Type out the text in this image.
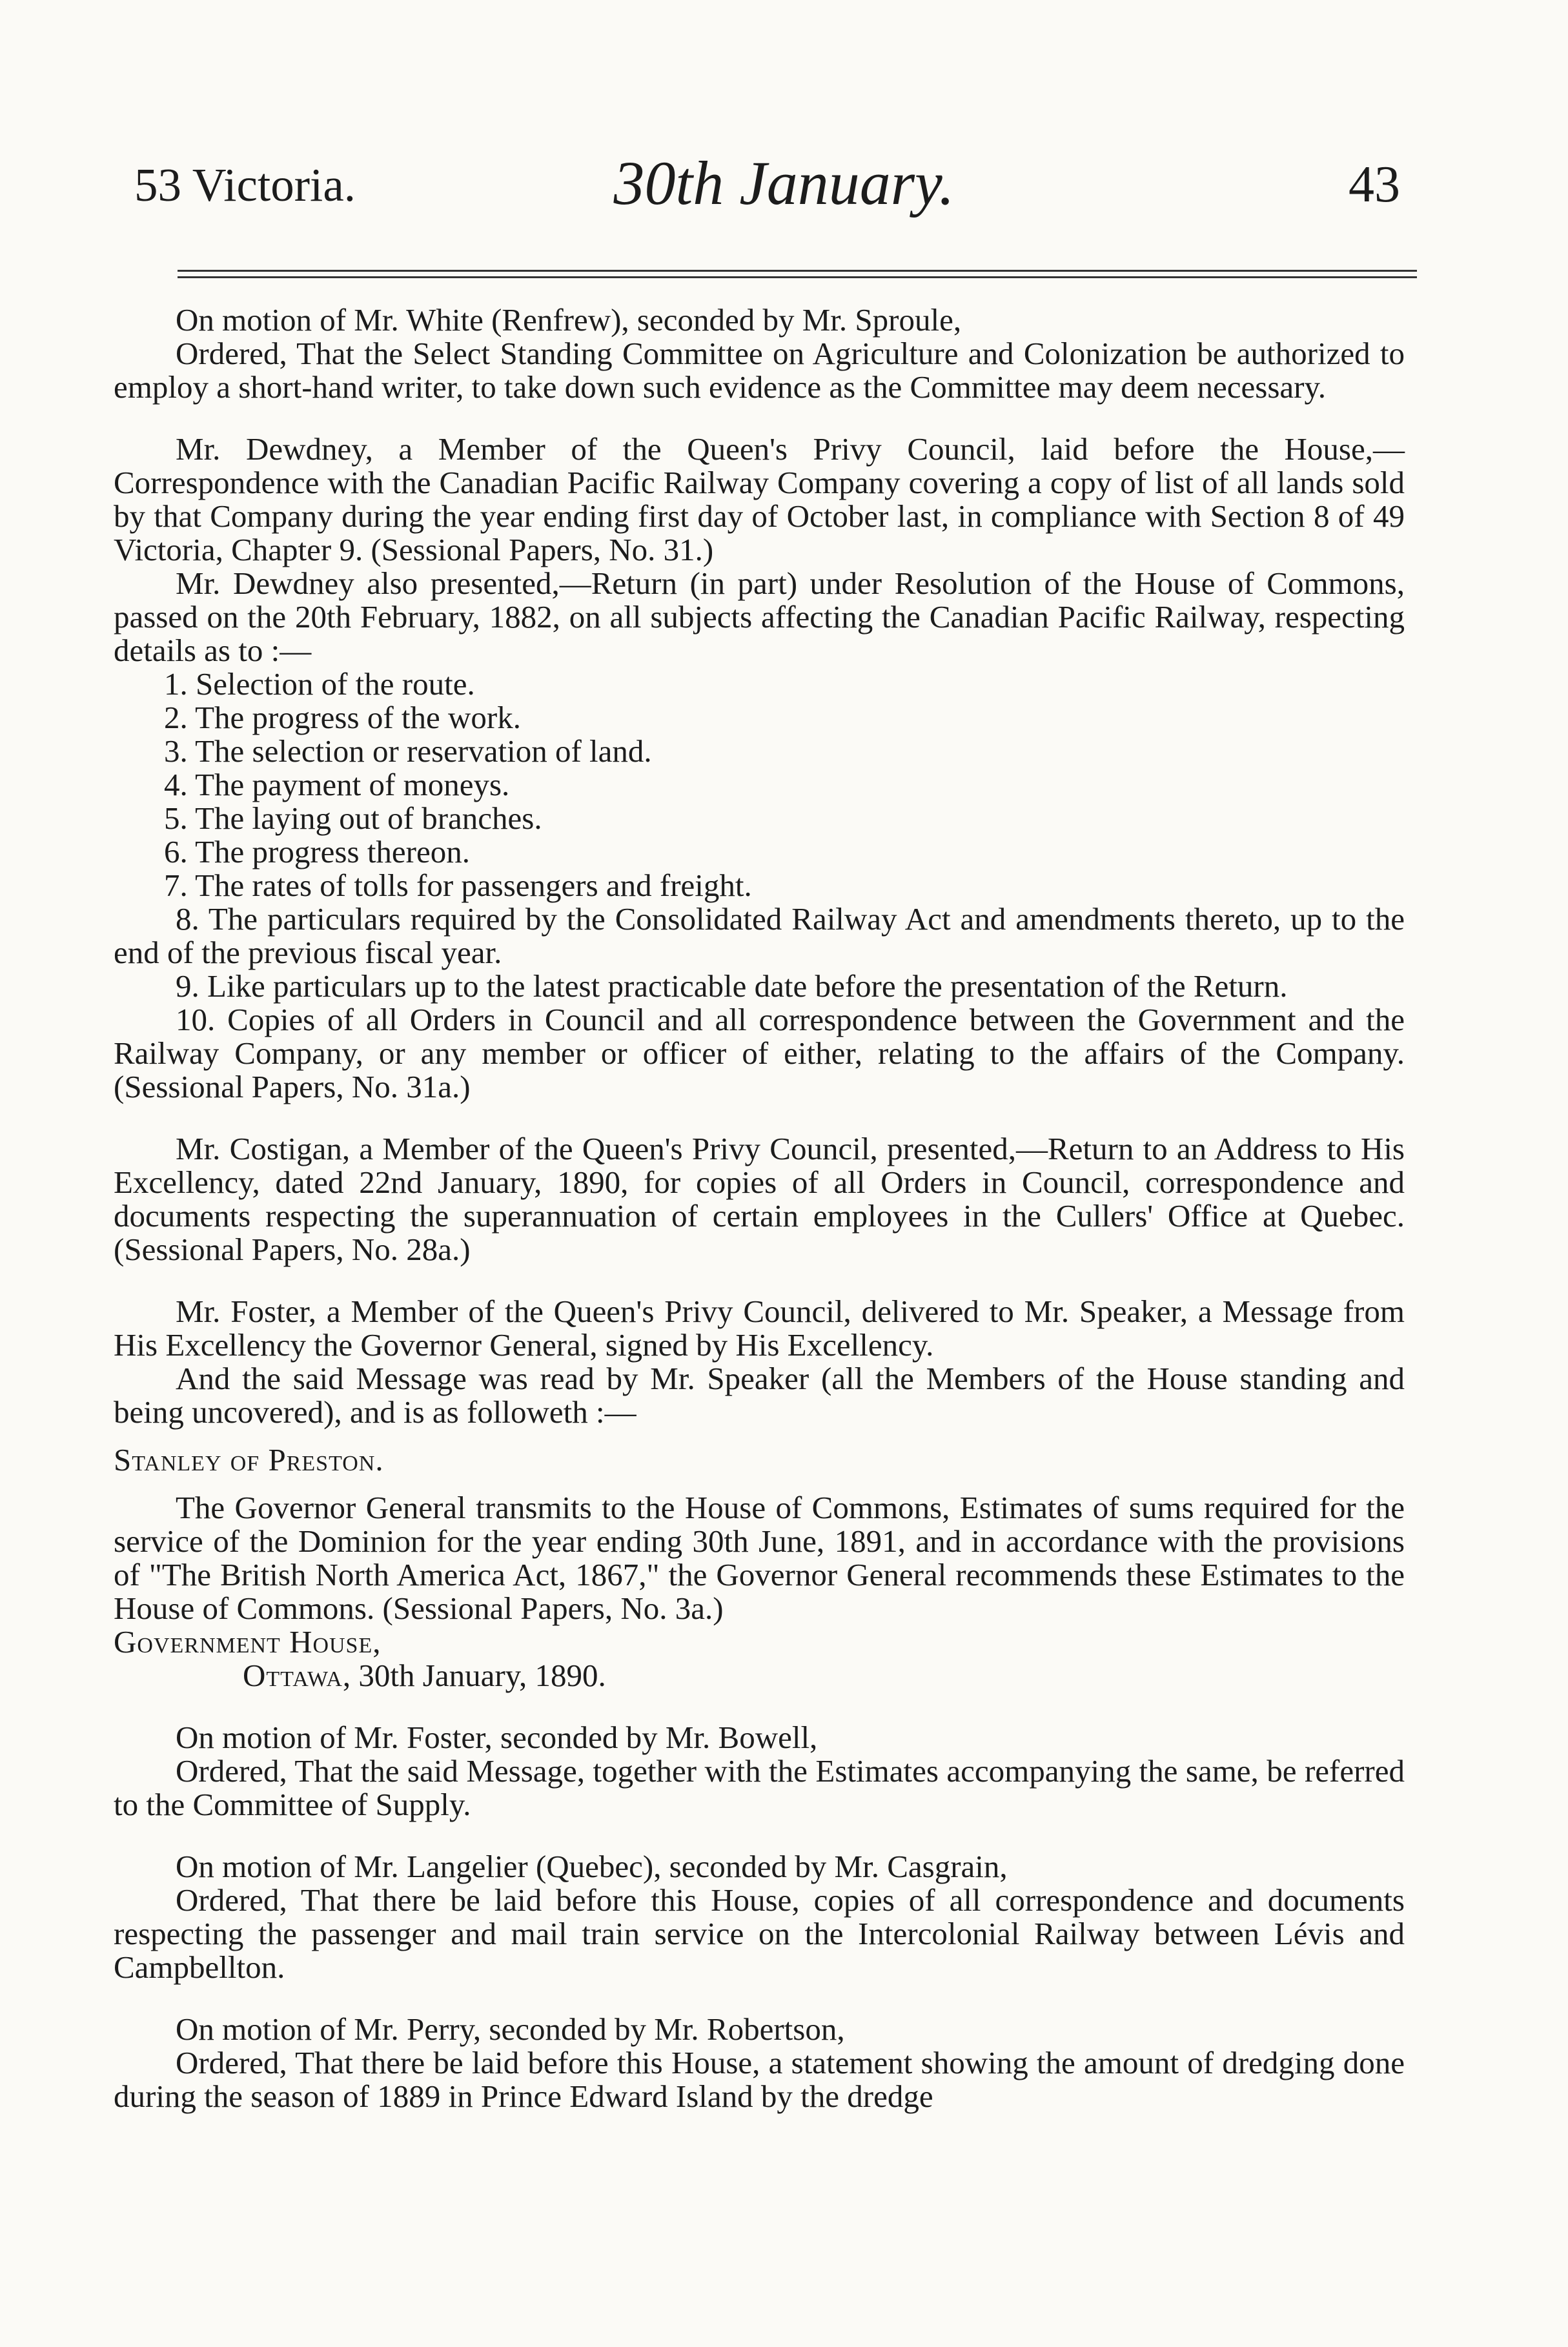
53 Victoria.	30th January.	43

On motion of Mr. White (Renfrew), seconded by Mr. Sproule,

Ordered, That the Select Standing Committee on Agriculture and Colonization be authorized to employ a short-hand writer, to take down such evidence as the Committee may deem necessary.

Mr. Dewdney, a Member of the Queen's Privy Council, laid before the House,— Correspondence with the Canadian Pacific Railway Company covering a copy of list of all lands sold by that Company during the year ending first day of October last, in compliance with Section 8 of 49 Victoria, Chapter 9. (Sessional Papers, No. 31.)

Mr. Dewdney also presented,—Return (in part) under Resolution of the House of Commons, passed on the 20th February, 1882, on all subjects affecting the Canadian Pacific Railway, respecting details as to :—

1. Selection of the route.

2. The progress of the work.

3. The selection or reservation of land.

4. The payment of moneys.

5. The laying out of branches.

6. The progress thereon.

7. The rates of tolls for passengers and freight.

8. The particulars required by the Consolidated Railway Act and amendments thereto, up to the end of the previous fiscal year.

9. Like particulars up to the latest practicable date before the presentation of the Return.

10. Copies of all Orders in Council and all correspondence between the Government and the Railway Company, or any member or officer of either, relating to the affairs of the Company. (Sessional Papers, No. 31a.)

Mr. Costigan, a Member of the Queen's Privy Council, presented,—Return to an Address to His Excellency, dated 22nd January, 1890, for copies of all Orders in Council, correspondence and documents respecting the superannuation of certain employees in the Cullers' Office at Quebec. (Sessional Papers, No. 28a.)

Mr. Foster, a Member of the Queen's Privy Council, delivered to Mr. Speaker, a Message from His Excellency the Governor General, signed by His Excellency.

And the said Message was read by Mr. Speaker (all the Members of the House standing and being uncovered), and is as followeth :—

Stanley of Preston.

The Governor General transmits to the House of Commons, Estimates of sums required for the service of the Dominion for the year ending 30th June, 1891, and in accordance with the provisions of "The British North America Act, 1867," the Governor General recommends these Estimates to the House of Commons. (Sessional Papers, No. 3a.)

Government House,

Ottawa, 30th January, 1890.

On motion of Mr. Foster, seconded by Mr. Bowell,

Ordered, That the said Message, together with the Estimates accompanying the same, be referred to the Committee of Supply.

On motion of Mr. Langelier (Quebec), seconded by Mr. Casgrain,

Ordered, That there be laid before this House, copies of all correspondence and documents respecting the passenger and mail train service on the Intercolonial Railway between Lévis and Campbellton.

On motion of Mr. Perry, seconded by Mr. Robertson,

Ordered, That there be laid before this House, a statement showing the amount of dredging done during the season of 1889 in Prince Edward Island by the dredge
